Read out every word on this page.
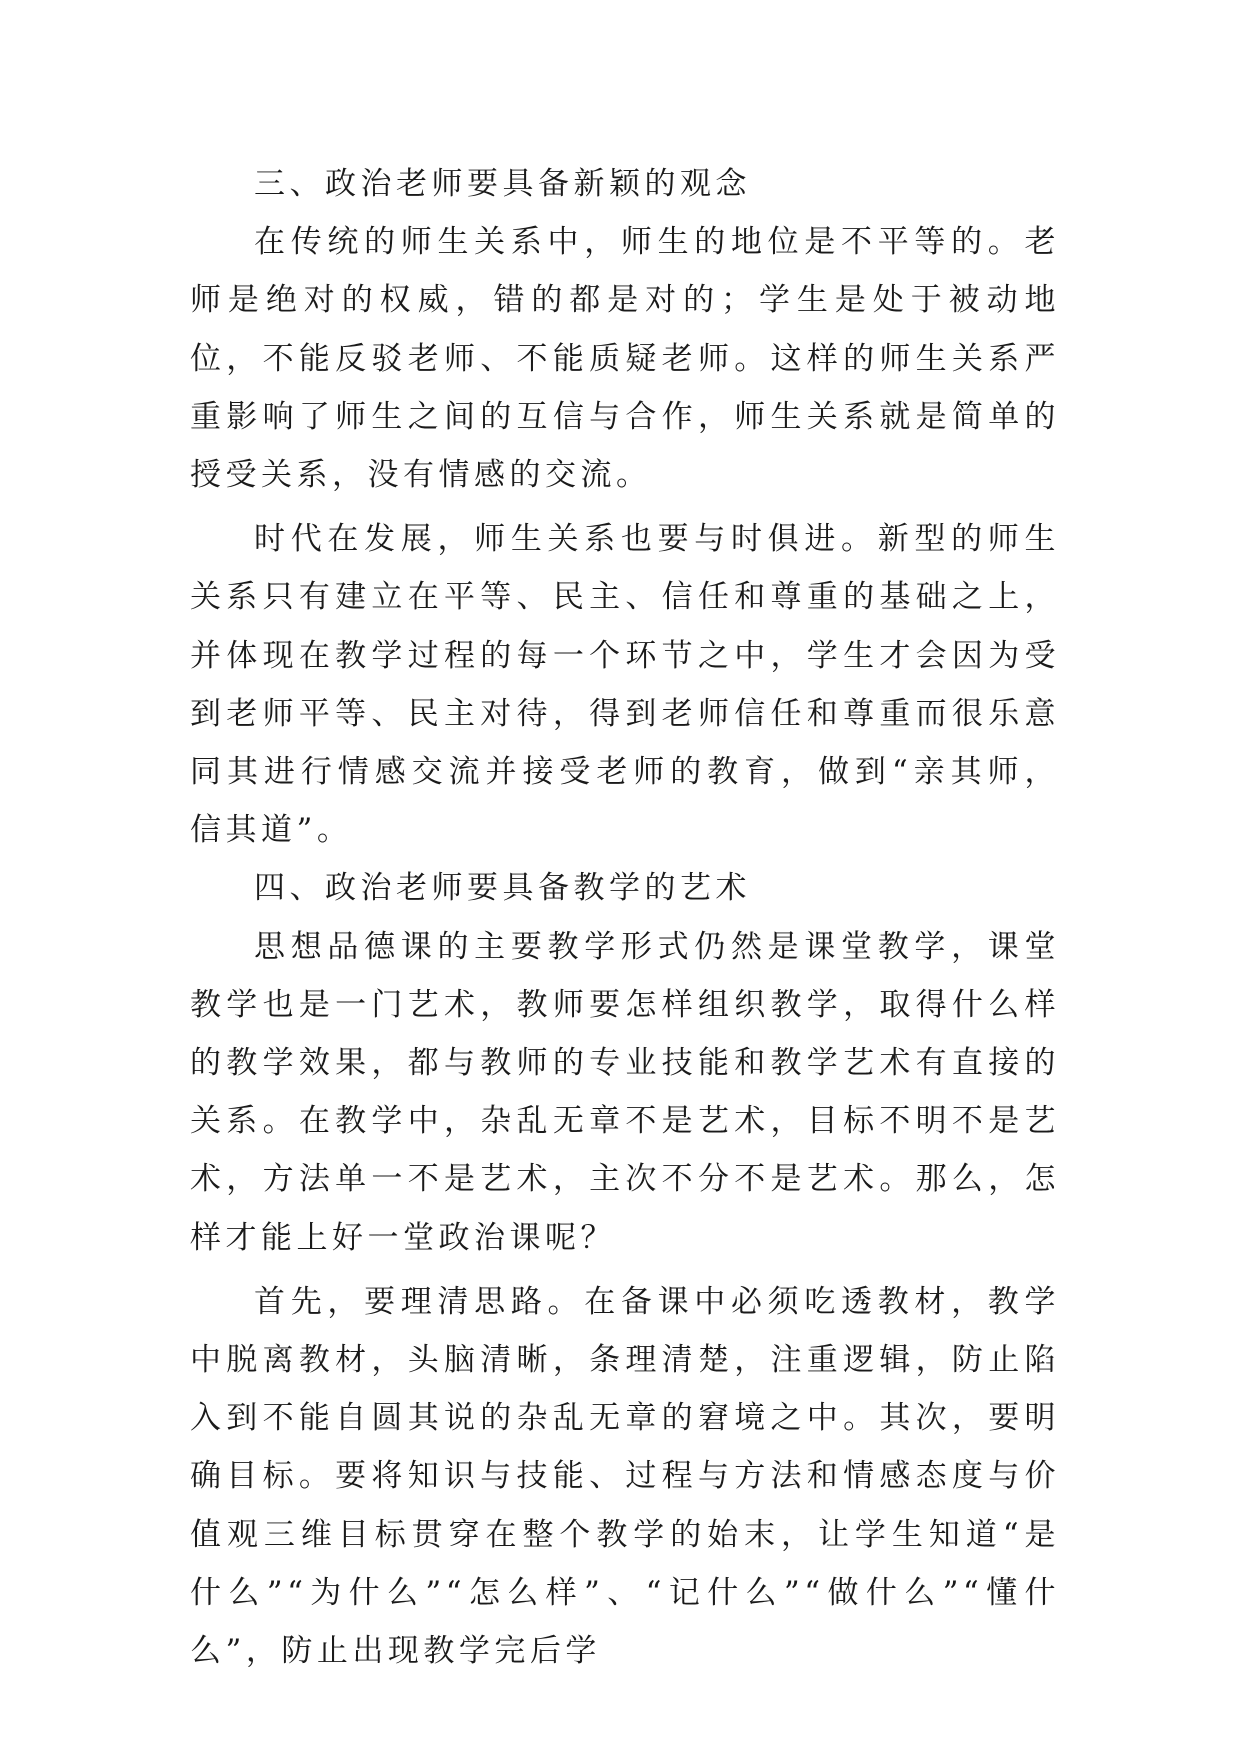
三、政治老师要具备新颖的观念

在传统的师生关系中，师生的地位是不平等的。老师是绝对的权威，错的都是对的；学生是处于被动地位，不能反驳老师、不能质疑老师。这样的师生关系严重影响了师生之间的互信与合作，师生关系就是简单的授受关系，没有情感的交流。

时代在发展，师生关系也要与时俱进。新型的师生关系只有建立在平等、民主、信任和尊重的基础之上，并体现在教学过程的每一个环节之中，学生才会因为受到老师平等、民主对待，得到老师信任和尊重而很乐意同其进行情感交流并接受老师的教育，做到“亲其师，信其道”。

四、政治老师要具备教学的艺术

思想品德课的主要教学形式仍然是课堂教学，课堂教学也是一门艺术，教师要怎样组织教学，取得什么样的教学效果，都与教师的专业技能和教学艺术有直接的关系。在教学中，杂乱无章不是艺术，目标不明不是艺术，方法单一不是艺术，主次不分不是艺术。那么，怎样才能上好一堂政治课呢？

首先，要理清思路。在备课中必须吃透教材，教学中脱离教材，头脑清晰，条理清楚，注重逻辑，防止陷入到不能自圆其说的杂乱无章的窘境之中。其次，要明确目标。要将知识与技能、过程与方法和情感态度与价值观三维目标贯穿在整个教学的始末，让学生知道“是什么”“为什么”“怎么样”、“记什么”“做什么”“懂什么”，防止出现教学完后学
